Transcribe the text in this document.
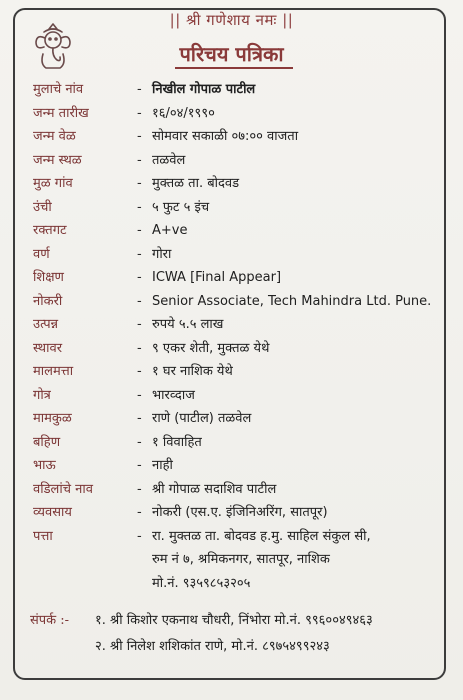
|| श्री गणेशाय नमः ||
परिचय पत्रिका
मुलाचे नांव	- निखील गोपाळ पाटील
जन्म तारीख	- १६/०४/१९९०
जन्म वेळ	- सोमवार सकाळी ०७:०० वाजता
जन्म स्थळ	- तळवेल
मुळ गांव	- मुक्तळ ता. बोदवड
उंची	- ५ फुट ५ इंच
रक्तगट	- A+ve
वर्ण	- गोरा
शिक्षण	- ICWA [Final Appear]
नोकरी	- Senior Associate, Tech Mahindra Ltd. Pune.
उत्पन्न	- रुपये ५.५ लाख
स्थावर	- ९ एकर शेती, मुक्तळ येथे
मालमत्ता	- १ घर नाशिक येथे
गोत्र	- भारव्दाज
मामकुळ	- राणे (पाटील) तळवेल
बहिण	- १ विवाहित
भाऊ	- नाही
वडिलांचे नाव	- श्री गोपाळ सदाशिव पाटील
व्यवसाय	- नोकरी (एस.ए. इंजिनिअरिंग, सातपूर)
पत्ता	- रा. मुक्तळ ता. बोदवड ह.मु. साहिल संकुल सी,
रुम नं ७, श्रमिकनगर, सातपूर, नाशिक
मो.नं. ९३५९८५३२०५
संपर्क :- १. श्री किशोर एकनाथ चौधरी, निंभोरा मो.नं. ९९६००४९४६३
२. श्री निलेश शशिकांत राणे, मो.नं. ८९७५४९९२४३
